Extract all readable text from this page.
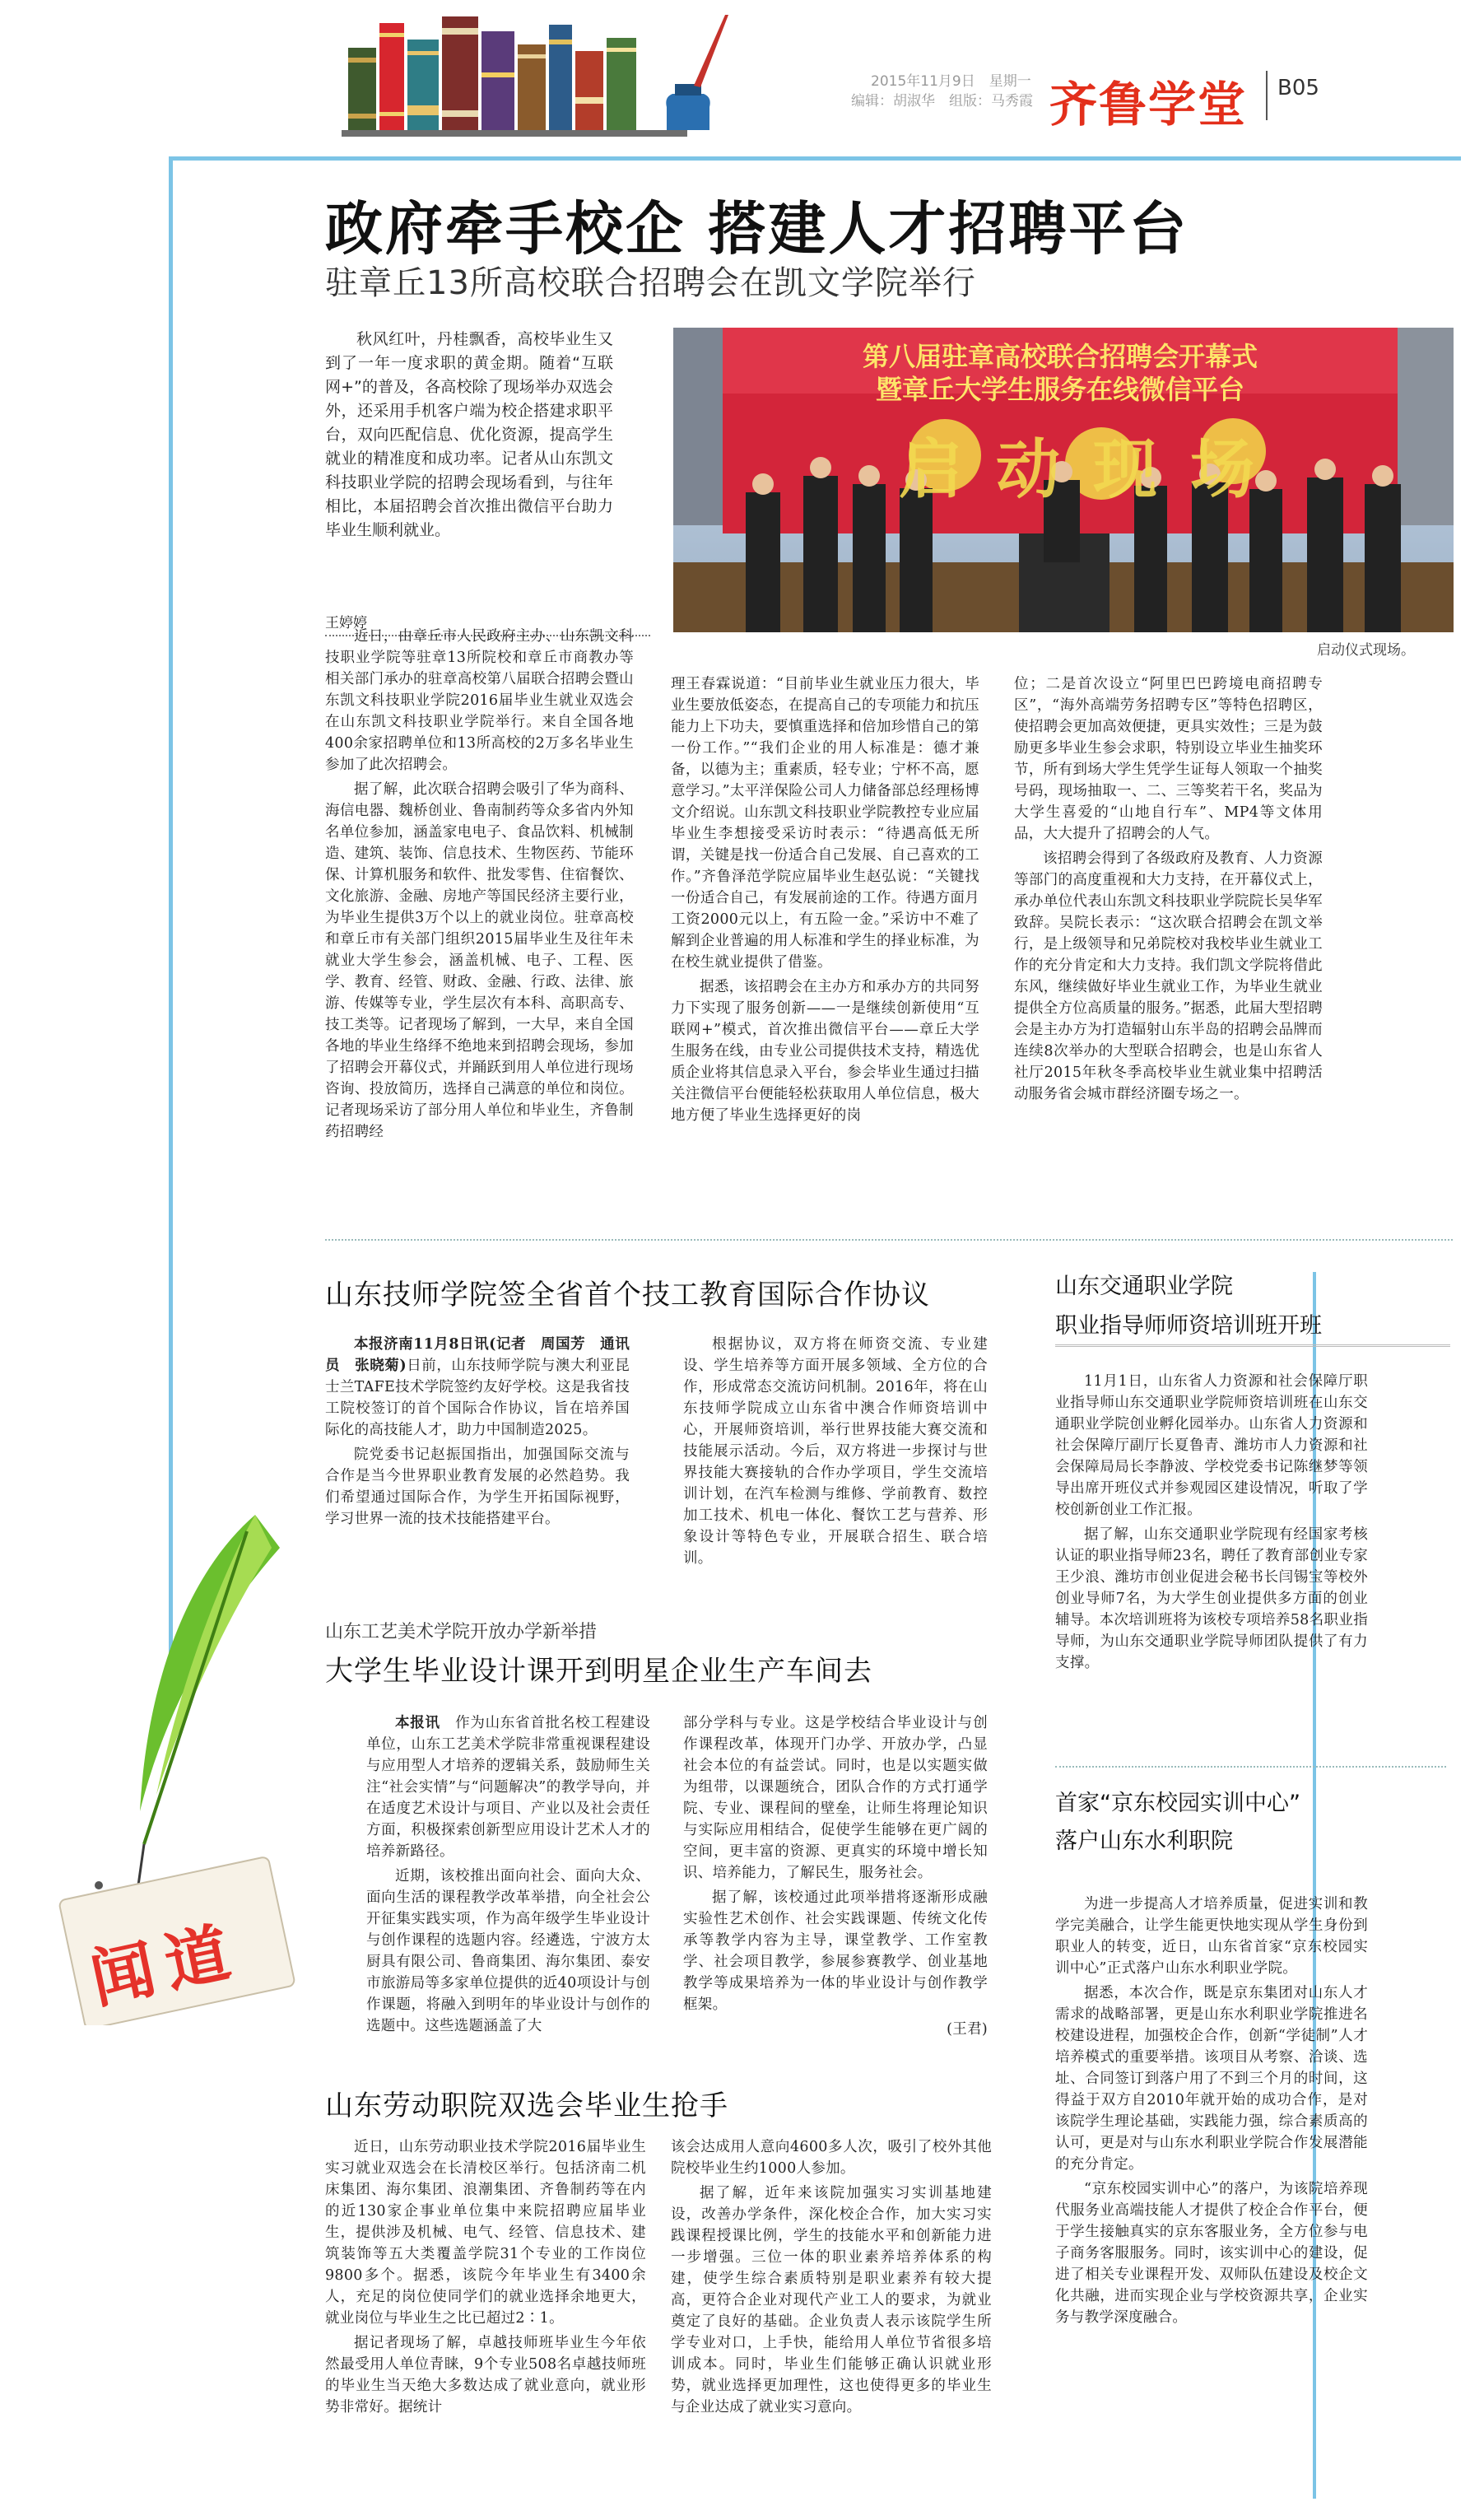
2015年11月9日　星期一
编辑：胡淑华　组版：马秀霞 齐鲁学堂 B05
政府牵手校企 搭建人才招聘平台
驻章丘13所高校联合招聘会在凯文学院举行
秋风红叶，丹桂飘香，高校毕业生又到了一年一度求职的黄金期。随着“互联网+”的普及，各高校除了现场举办双选会外，还采用手机客户端为校企搭建求职平台，双向匹配信息、优化资源，提高学生就业的精准度和成功率。记者从山东凯文科技职业学院的招聘会现场看到，与往年相比，本届招聘会首次推出微信平台助力毕业生顺利就业。
王婷婷
第八届驻章高校联合招聘会开幕式
暨章丘大学生服务在线微信平台
启动现场
启动仪式现场。

近日，由章丘市人民政府主办、山东凯文科技职业学院等驻章13所院校和章丘市商教办等相关部门承办的驻章高校第八届联合招聘会暨山东凯文科技职业学院2016届毕业生就业双选会在山东凯文科技职业学院举行。来自全国各地400余家招聘单位和13所高校的2万多名毕业生参加了此次招聘会。

据了解，此次联合招聘会吸引了华为商科、海信电器、魏桥创业、鲁南制药等众多省内外知名单位参加，涵盖家电电子、食品饮料、机械制造、建筑、装饰、信息技术、生物医药、节能环保、计算机服务和软件、批发零售、住宿餐饮、文化旅游、金融、房地产等国民经济主要行业，为毕业生提供3万个以上的就业岗位。驻章高校和章丘市有关部门组织2015届毕业生及往年未就业大学生参会，涵盖机械、电子、工程、医学、教育、经管、财政、金融、行政、法律、旅游、传媒等专业，学生层次有本科、高职高专、技工类等。记者现场了解到，一大早，来自全国各地的毕业生络绎不绝地来到招聘会现场，参加了招聘会开幕仪式，并踊跃到用人单位进行现场咨询、投放简历，选择自己满意的单位和岗位。记者现场采访了部分用人单位和毕业生，齐鲁制药招聘经

理王春霖说道：“目前毕业生就业压力很大，毕业生要放低姿态，在提高自己的专项能力和抗压能力上下功夫，要慎重选择和倍加珍惜自己的第一份工作。”“我们企业的用人标准是：德才兼备，以德为主；重素质，轻专业；宁杯不高，愿意学习。”太平洋保险公司人力储备部总经理杨博文介绍说。山东凯文科技职业学院教控专业应届毕业生李想接受采访时表示：“待遇高低无所谓，关键是找一份适合自己发展、自己喜欢的工作。”齐鲁泽范学院应届毕业生赵弘说：“关键找一份适合自己，有发展前途的工作。待遇方面月工资2000元以上，有五险一金。”采访中不难了解到企业普遍的用人标准和学生的择业标准，为在校生就业提供了借鉴。

据悉，该招聘会在主办方和承办方的共同努力下实现了服务创新——一是继续创新使用“互联网+”模式，首次推出微信平台——章丘大学生服务在线，由专业公司提供技术支持，精选优质企业将其信息录入平台，参会毕业生通过扫描关注微信平台便能轻松获取用人单位信息，极大地方便了毕业生选择更好的岗

位；二是首次设立“阿里巴巴跨境电商招聘专区”，“海外高端劳务招聘专区”等特色招聘区，使招聘会更加高效便捷，更具实效性；三是为鼓励更多毕业生参会求职，特别设立毕业生抽奖环节，所有到场大学生凭学生证每人领取一个抽奖号码，现场抽取一、二、三等奖若干名，奖品为大学生喜爱的“山地自行车”、MP4等文体用品，大大提升了招聘会的人气。

该招聘会得到了各级政府及教育、人力资源等部门的高度重视和大力支持，在开幕仪式上，承办单位代表山东凯文科技职业学院院长吴华军致辞。吴院长表示：“这次联合招聘会在凯文举行，是上级领导和兄弟院校对我校毕业生就业工作的充分肯定和大力支持。我们凯文学院将借此东风，继续做好毕业生就业工作，为毕业生就业提供全方位高质量的服务。”据悉，此届大型招聘会是主办方为打造辐射山东半岛的招聘会品牌而连续8次举办的大型联合招聘会，也是山东省人社厅2015年秋冬季高校毕业生就业集中招聘活动服务省会城市群经济圈专场之一。

山东技师学院签全省首个技工教育国际合作协议

本报济南11月8日讯(记者　周国芳　通讯员　张晓菊)日前，山东技师学院与澳大利亚昆士兰TAFE技术学院签约友好学校。这是我省技工院校签订的首个国际合作协议，旨在培养国际化的高技能人才，助力中国制造2025。

院党委书记赵振国指出，加强国际交流与合作是当今世界职业教育发展的必然趋势。我们希望通过国际合作，为学生开拓国际视野，学习世界一流的技术技能搭建平台。

根据协议，双方将在师资交流、专业建设、学生培养等方面开展多领域、全方位的合作，形成常态交流访问机制。2016年，将在山东技师学院成立山东省中澳合作师资培训中心，开展师资培训，举行世界技能大赛交流和技能展示活动。今后，双方将进一步探讨与世界技能大赛接轨的合作办学项目，学生交流培训计划，在汽车检测与维修、学前教育、数控加工技术、机电一体化、餐饮工艺与营养、形象设计等特色专业，开展联合招生、联合培训。

山东工艺美术学院开放办学新举措
大学生毕业设计课开到明星企业生产车间去

本报讯　 作为山东省首批名校工程建设单位，山东工艺美术学院非常重视课程建设与应用型人才培养的逻辑关系，鼓励师生关注“社会实情”与“问题解决”的教学导向，并在适度艺术设计与项目、产业以及社会责任方面，积极探索创新型应用设计艺术人才的培养新路径。

近期，该校推出面向社会、面向大众、面向生活的课程教学改革举措，向全社会公开征集实践实项，作为高年级学生毕业设计与创作课程的选题内容。经遴选，宁波方太厨具有限公司、鲁商集团、海尔集团、泰安市旅游局等多家单位提供的近40项设计与创作课题，将融入到明年的毕业设计与创作的选题中。这些选题涵盖了大

部分学科与专业。这是学校结合毕业设计与创作课程改革，体现开门办学、开放办学，凸显社会本位的有益尝试。同时，也是以实题实做为组带，以课题统合，团队合作的方式打通学院、专业、课程间的壁垒，让师生将理论知识与实际应用相结合，促使学生能够在更广阔的空间，更丰富的资源、更真实的环境中增长知识、培养能力，了解民生，服务社会。

据了解，该校通过此项举措将逐渐形成融实验性艺术创作、社会实践课题、传统文化传承等教学内容为主导，课堂教学、工作室教学、社会项目教学，参展参赛教学、创业基地教学等成果培养为一体的毕业设计与创作教学框架。

(王君)
闻道
山东劳动职院双选会毕业生抢手

近日，山东劳动职业技术学院2016届毕业生实习就业双选会在长清校区举行。包括济南二机床集团、海尔集团、浪潮集团、齐鲁制药等在内的近130家企事业单位集中来院招聘应届毕业生，提供涉及机械、电气、经管、信息技术、建筑装饰等五大类覆盖学院31个专业的工作岗位9800多个。据悉，该院今年毕业生有3400余人，充足的岗位使同学们的就业选择余地更大，就业岗位与毕业生之比已超过2∶1。

据记者现场了解，卓越技师班毕业生今年依然最受用人单位青睐，9个专业508名卓越技师班的毕业生当天绝大多数达成了就业意向，就业形势非常好。据统计

该会达成用人意向4600多人次，吸引了校外其他院校毕业生约1000人参加。

据了解，近年来该院加强实习实训基地建设，改善办学条件，深化校企合作，加大实习实践课程授课比例，学生的技能水平和创新能力进一步增强。三位一体的职业素养培养体系的构建，使学生综合素质特别是职业素养有较大提高，更符合企业对现代产业工人的要求，为就业奠定了良好的基础。企业负责人表示该院学生所学专业对口，上手快，能给用人单位节省很多培训成本。同时，毕业生们能够正确认识就业形势，就业选择更加理性，这也使得更多的毕业生与企业达成了就业实习意向。

山东交通职业学院
职业指导师师资培训班开班

11月1日，山东省人力资源和社会保障厅职业指导师山东交通职业学院师资培训班在山东交通职业学院创业孵化园举办。山东省人力资源和社会保障厅副厅长夏鲁青、潍坊市人力资源和社会保障局局长李静波、学校党委书记陈继梦等领导出席开班仪式并参观园区建设情况，听取了学校创新创业工作汇报。

据了解，山东交通职业学院现有经国家考核认证的职业指导师23名，聘任了教育部创业专家王少浪、潍坊市创业促进会秘书长闫锡宝等校外创业导师7名，为大学生创业提供多方面的创业辅导。本次培训班将为该校专项培养58名职业指导师，为山东交通职业学院导师团队提供了有力支撑。

首家“京东校园实训中心”
落户山东水利职院

为进一步提高人才培养质量，促进实训和教学完美融合，让学生能更快地实现从学生身份到职业人的转变，近日，山东省首家“京东校园实训中心”正式落户山东水利职业学院。

据悉，本次合作，既是京东集团对山东人才需求的战略部署，更是山东水利职业学院推进名校建设进程，加强校企合作，创新“学徒制”人才培养模式的重要举措。该项目从考察、洽谈、选址、合同签订到落户用了不到三个月的时间，这得益于双方自2010年就开始的成功合作，是对该院学生理论基础，实践能力强，综合素质高的认可，更是对与山东水利职业学院合作发展潜能的充分肯定。

“京东校园实训中心”的落户，为该院培养现代服务业高端技能人才提供了校企合作平台，便于学生接触真实的京东客服业务，全方位参与电子商务客服服务。同时，该实训中心的建设，促进了相关专业课程开发、双师队伍建设及校企文化共融，进而实现企业与学校资源共享，企业实务与教学深度融合。
